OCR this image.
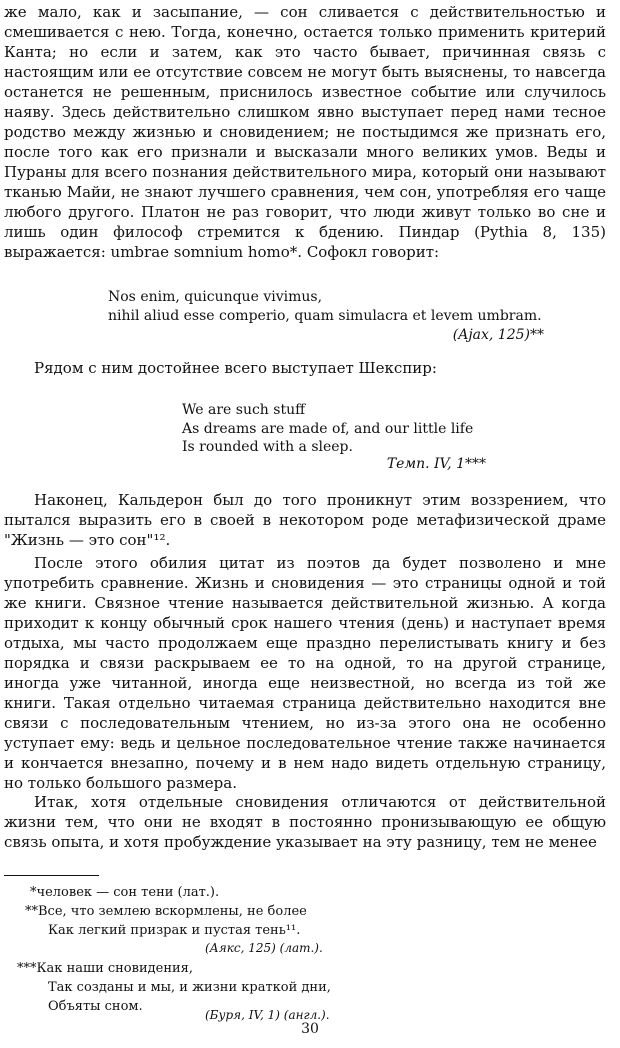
же мало, как и засыпание, — сон сливается с действительностью и смешивается с нею. Тогда, конечно, остается только применить критерий Канта; но если и затем, как это часто бывает, причинная связь с настоящим или ее отсутствие совсем не могут быть выяснены, то навсегда останется не решенным, приснилось известное событие или случилось наяву. Здесь действительно слишком явно выступает перед нами тесное родство между жизнью и сновидением; не постыдимся же признать его, после того как его признали и высказали много великих умов. Веды и Пураны для всего познания действительного мира, который они называют тканью Майи, не знают лучшего сравнения, чем сон, употребляя его чаще любого другого. Платон не раз говорит, что люди живут только во сне и лишь один философ стремится к бдению. Пиндар (Pythia 8, 135) выражается: umbrae somnium homo*. Софокл говорит:

Nos enim, quicunque vivimus,
nihil aliud esse comperio, quam simulacra et levem umbram.
(Ajax, 125)**

Рядом с ним достойнее всего выступает Шекспир:

We are such stuff
As dreams are made of, and our little life
Is rounded with a sleep.
Темп. IV, 1***

Наконец, Кальдерон был до того проникнут этим воззрением, что пытался выразить его в своей в некотором роде метафизической драме "Жизнь — это сон"¹².

После этого обилия цитат из поэтов да будет позволено и мне употребить сравнение. Жизнь и сновидения — это страницы одной и той же книги. Связное чтение называется действительной жизнью. А когда приходит к концу обычный срок нашего чтения (день) и наступает время отдыха, мы часто продолжаем еще праздно перелистывать книгу и без порядка и связи раскрываем ее то на одной, то на другой странице, иногда уже читанной, иногда еще неизвестной, но всегда из той же книги. Такая отдельно читаемая страница действительно находится вне связи с последовательным чтением, но из-за этого она не особенно уступает ему: ведь и цельное последовательное чтение также начинается и кончается внезапно, почему и в нем надо видеть отдельную страницу, но только большого размера.

Итак, хотя отдельные сновидения отличаются от действительной жизни тем, что они не входят в постоянно пронизывающую ее общую связь опыта, и хотя пробуждение указывает на эту разницу, тем не менее

*человек — сон тени (лат.).
**Все, что землею вскормлены, не более
Как легкий призрак и пустая тень¹¹.
(Аякс, 125) (лат.).
***Как наши сновидения,
Так созданы и мы, и жизни краткой дни,
Объяты сном.
(Буря, IV, 1) (англ.).
30
